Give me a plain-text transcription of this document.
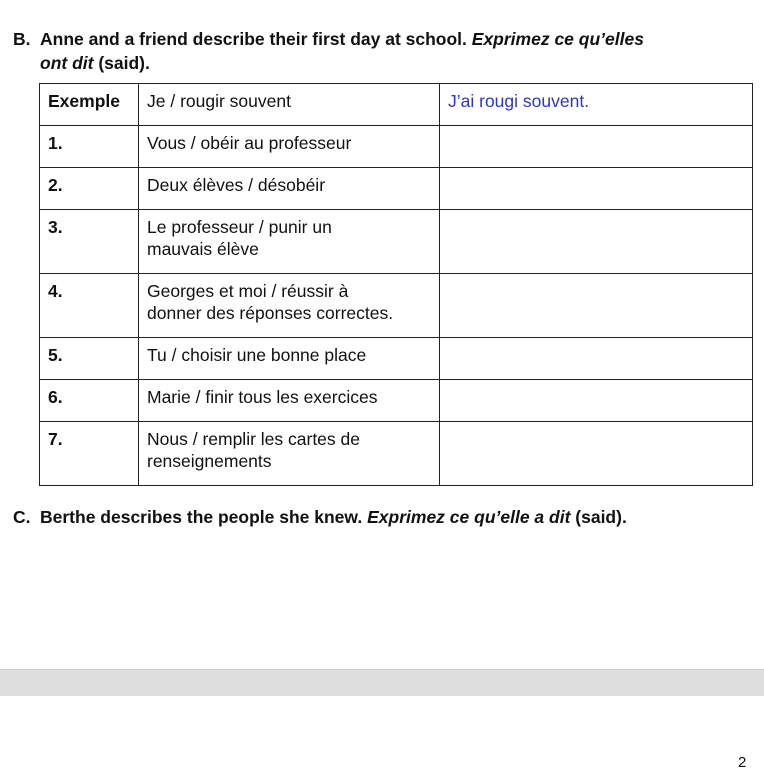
B. Anne and a friend describe their first day at school. Exprimez ce qu’elles
ont dit (said).
Exemple	Je / rougir souvent	J’ai rougi souvent.
1.	Vous / obéir au professeur	
2.	Deux élèves / désobéir	
3.	Le professeur / punir un
mauvais élève	
4.	Georges et moi / réussir à
donner des réponses correctes.	
5.	Tu / choisir une bonne place	
6.	Marie / finir tous les exercices	
7.	Nous / remplir les cartes de
renseignements	
C. Berthe describes the people she knew. Exprimez ce qu’elle a dit (said).
2
